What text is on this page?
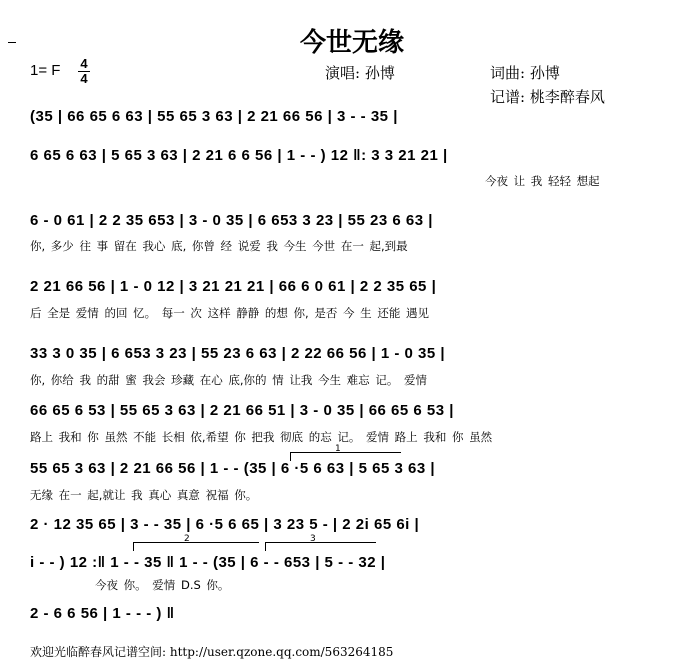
今世无缘
1= F 4
4	演唱: 孙博	词曲: 孙博
记谱: 桃李醉春风
(35 | 66 65 6 63 | 55 65 3 63 | 2 21 66 56 | 3 - - 35 |
6 65 6 63 | 5 65 3 63 | 2 21 6 6 56 | 1 - - ) 12 ‖: 3 3 21 21 |
今夜 让 我 轻轻 想起
6 - 0 61 | 2 2 35 653 | 3 - 0 35 | 6 653 3 23 | 55 23 6 63 |
你, 多少 往 事 留在 我心 底, 你曾 经 说爱 我 今生 今世 在一 起,到最
2 21 66 56 | 1 - 0 12 | 3 21 21 21 | 66 6 0 61 | 2 2 35 65 |
后 全是 爱情 的回 忆。 每一 次 这样 静静 的想 你, 是否 今 生 还能 遇见
33 3 0 35 | 6 653 3 23 | 55 23 6 63 | 2 22 66 56 | 1 - 0 35 |
你, 你给 我 的甜 蜜 我会 珍藏 在心 底,你的 情 让我 今生 难忘 记。 爱情
66 65 6 53 | 55 65 3 63 | 2 21 66 51 | 3 - 0 35 | 66 65 6 53 |
路上 我和 你 虽然 不能 长相 依,希望 你 把我 彻底 的忘 记。 爱情 路上 我和 你 虽然
1
55 65 3 63 | 2 21 66 56 | 1 - - (35 | 6 ·5 6 63 | 5 65 3 63 |
无缘 在一 起,就让 我 真心 真意 祝福 你。
2 · 12 35 65 | 3 - - 35 | 6 ·5 6 65 | 3 23 5 - | 2 2i 65 6i |
2	3
i - - ) 12 :‖ 1 - - 35 ‖ 1 - - (35 | 6 - - 653 | 5 - - 32 |
今夜 你。 爱情 D.S 你。
2 - 6 6 56 | 1 - - - ) ‖
欢迎光临醉春风记谱空间: http://user.qzone.qq.com/563264185
